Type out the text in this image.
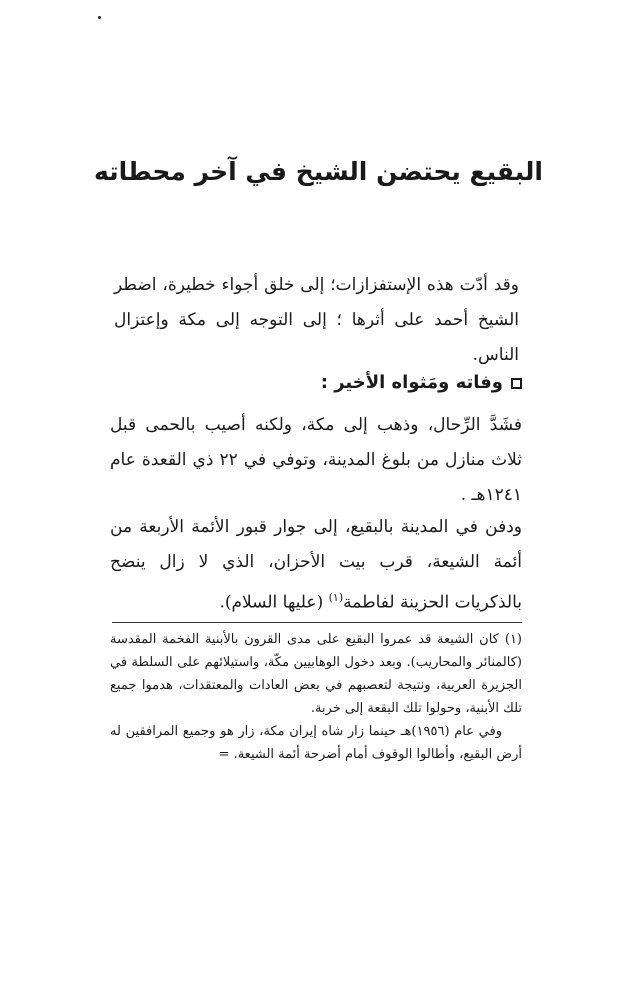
البقيع يحتضن الشيخ في آخر محطاته

وقد أدّت هذه الإستفزازات؛ إلى خلق أجواء خطيرة، اضطر الشيخ أحمد على أثرها ؛ إلى التوجه إلى مكة وإعتزال الناس.

وفاته ومَثواه الأخير :

فشَدَّ الرِّحال، وذهب إلى مكة، ولكنه أصيب بالحمى قبل ثلاث منازل من بلوغ المدينة، وتوفي في ٢٢ ذي القعدة عام ١٢٤١هـ .

ودفن في المدينة بالبقيع، إلى جوار قبور الأئمة الأربعة من أئمة الشيعة، قرب بيت الأحزان، الذي لا زال ينضح بالذكريات الحزينة لفاطمة$^{(١)}$ (عليها السلام).

(١)كان الشيعة قد عمروا البقيع على مدى القرون بالأبنية الفخمة المقدسة (كالمنائر والمحاريب). وبعد دخول الوهابيين مكّة، واستيلائهم على السلطة في الجزيرة العربية، ونتيجة لتعصبهم في بعض العادات والمعتقدات، هدموا جميع تلك الأبنية، وحولوا تلك البقعة إلى خربة.
وفي عام (١٩٥٦)هـ حينما زار شاه إيران مكة، زار هو وجميع المرافقين له أرض البقيع، وأطالوا الوقوف أمام أضرحة أئمة الشيعة. =
